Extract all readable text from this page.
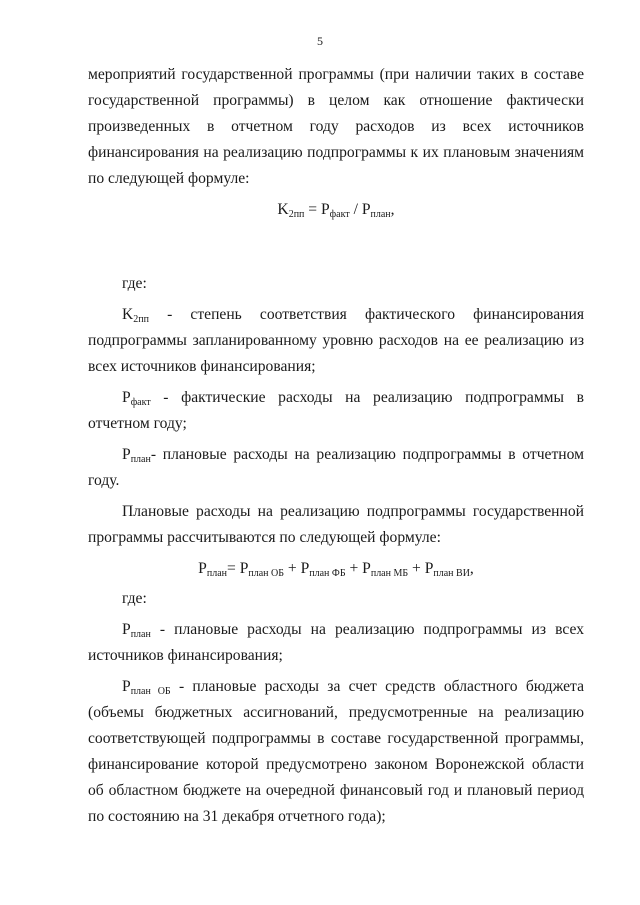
5

мероприятий государственной программы (при наличии таких в составе государственной программы) в целом как отношение фактически произведенных в отчетном году расходов из всех источников финансирования на реализацию подпрограммы к их плановым значениям по следующей формуле:

$K_{2пп} = P_{факт} / P_{план}$,

где:

$K_{2пп}$ - степень соответствия фактического финансирования подпрограммы запланированному уровню расходов на ее реализацию из всех источников финансирования;

$P_{факт}$ - фактические расходы на реализацию подпрограммы в отчетном году;

$P_{план}-$ плановые расходы на реализацию подпрограммы в отчетном году.

Плановые расходы на реализацию подпрограммы государственной программы рассчитываются по следующей формуле:

$P_{план}= P_{план ОБ} + P_{план ФБ} + P_{план МБ} + P_{план ВИ}$,

где:

$P_{план}$ - плановые расходы на реализацию подпрограммы из всех источников финансирования;

$P_{план ОБ}$ - плановые расходы за счет средств областного бюджета (объемы бюджетных ассигнований, предусмотренные на реализацию соответствующей подпрограммы в составе государственной программы, финансирование которой предусмотрено законом Воронежской области об областном бюджете на очередной финансовый год и плановый период по состоянию на 31 декабря отчетного года);
